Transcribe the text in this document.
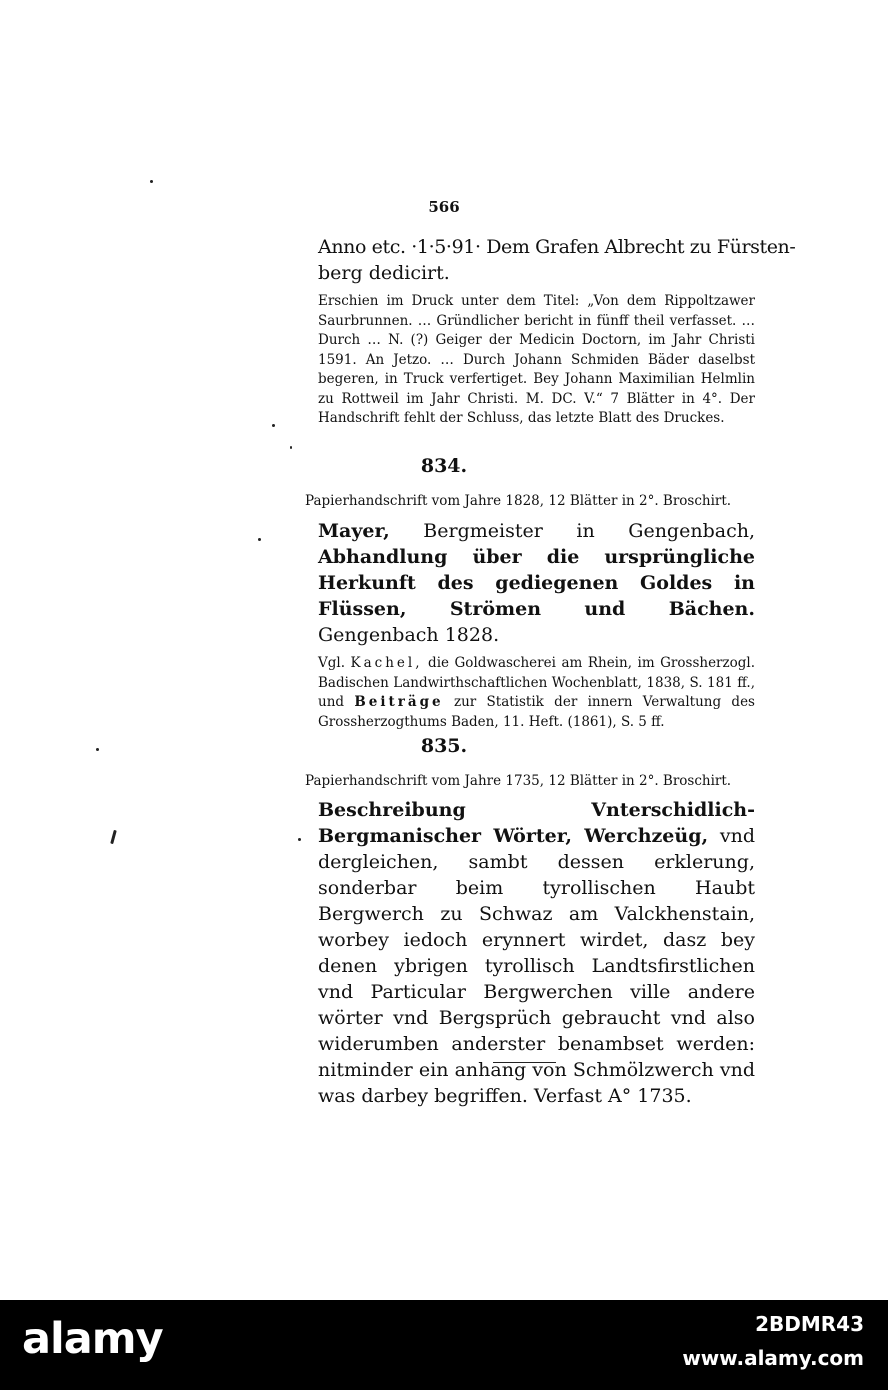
566

Anno etc. ·1·5·91· Dem Grafen Albrecht zu Fürsten-

berg dedicirt.

Erschien im Druck unter dem Titel: „Von dem Rippoltzawer Saurbrunnen. … Gründlicher bericht in fünff theil verfasset. … Durch … N. (?) Geiger der Medicin Doctorn, im Jahr Christi 1591. An Jetzo. … Durch Johann Schmiden Bäder daselbst begeren, in Truck verfertiget. Bey Johann Maximilian Helmlin zu Rottweil im Jahr Christi. M. DC. V.“ 7 Blätter in 4°. Der Handschrift fehlt der Schluss, das letzte Blatt des Druckes.

834.

Papierhandschrift vom Jahre 1828, 12 Blätter in 2°. Broschirt.

Mayer, Bergmeister in Gengenbach, Abhandlung über die ursprüngliche Herkunft des gediegenen Goldes in Flüssen, Strömen und Bächen. Gengenbach 1828.

Vgl. Kachel, die Goldwascherei am Rhein, im Grossherzogl. Badischen Landwirthschaftlichen Wochenblatt, 1838, S. 181 ff., und Beiträge zur Statistik der innern Verwaltung des Grossherzogthums Baden, 11. Heft. (1861), S. 5 ff.

835.

Papierhandschrift vom Jahre 1735, 12 Blätter in 2°. Broschirt.

Beschreibung Vnterschidlich-Bergmanischer Wörter, Werchzeüg, vnd dergleichen, sambt dessen erklerung, sonderbar beim tyrollischen Haubt Bergwerch zu Schwaz am Valckhenstain, worbey iedoch erynnert wirdet, dasz bey denen ybrigen tyrollisch Landtsfirstlichen vnd Particular Bergwerchen ville andere wörter vnd Bergsprüch gebraucht vnd also widerumben anderster benambset werden: nitminder ein anhang von Schmölzwerch vnd was darbey begriffen. Verfast A° 1735.

alamy	2BDMR43
www.alamy.com
